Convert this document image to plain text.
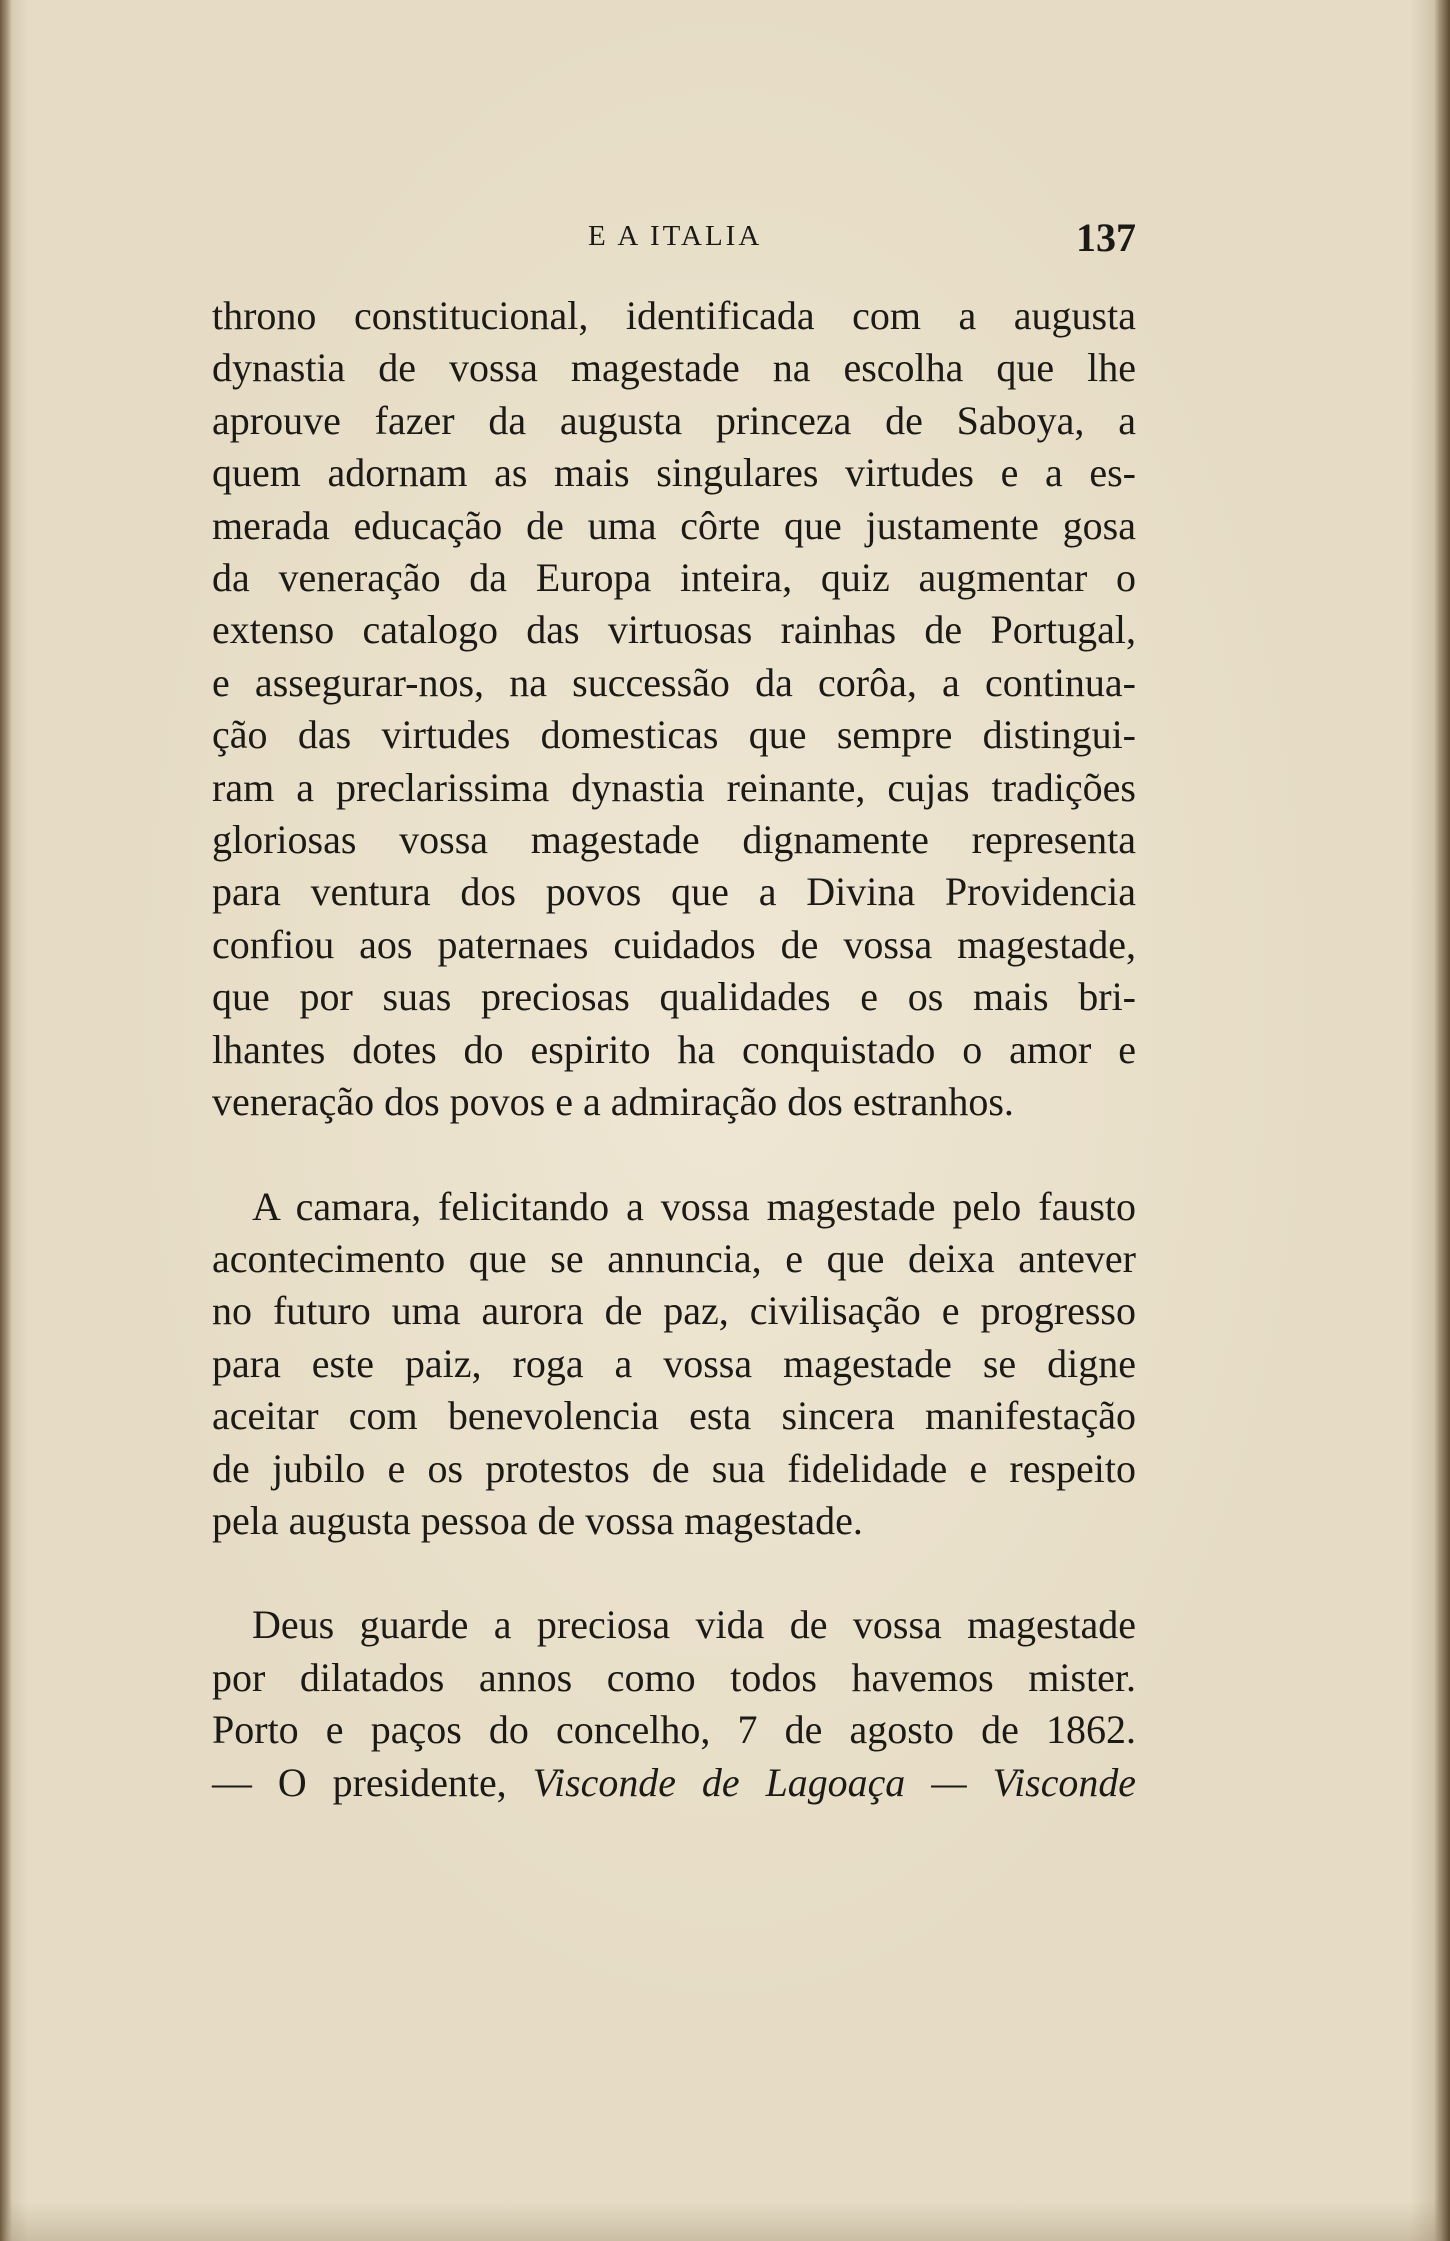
E A ITALIA	137

throno constitucional, identificada com a augusta
dynastia de vossa magestade na escolha que lhe
aprouve fazer da augusta princeza de Saboya, a
quem adornam as mais singulares virtudes e a es-
merada educação de uma côrte que justamente gosa
da veneração da Europa inteira, quiz augmentar o
extenso catalogo das virtuosas rainhas de Portugal,
e assegurar-nos, na successão da corôa, a continua-
ção das virtudes domesticas que sempre distingui-
ram a preclarissima dynastia reinante, cujas tradições
gloriosas vossa magestade dignamente representa
para ventura dos povos que a Divina Providencia
confiou aos paternaes cuidados de vossa magestade,
que por suas preciosas qualidades e os mais bri-
lhantes dotes do espirito ha conquistado o amor e
veneração dos povos e a admiração dos estranhos.

A camara, felicitando a vossa magestade pelo fausto
acontecimento que se annuncia, e que deixa antever
no futuro uma aurora de paz, civilisação e progresso
para este paiz, roga a vossa magestade se digne
aceitar com benevolencia esta sincera manifestação
de jubilo e os protestos de sua fidelidade e respeito
pela augusta pessoa de vossa magestade.

Deus guarde a preciosa vida de vossa magestade
por dilatados annos como todos havemos mister.
Porto e paços do concelho, 7 de agosto de 1862.
— O presidente, Visconde de Lagoaça — Visconde
